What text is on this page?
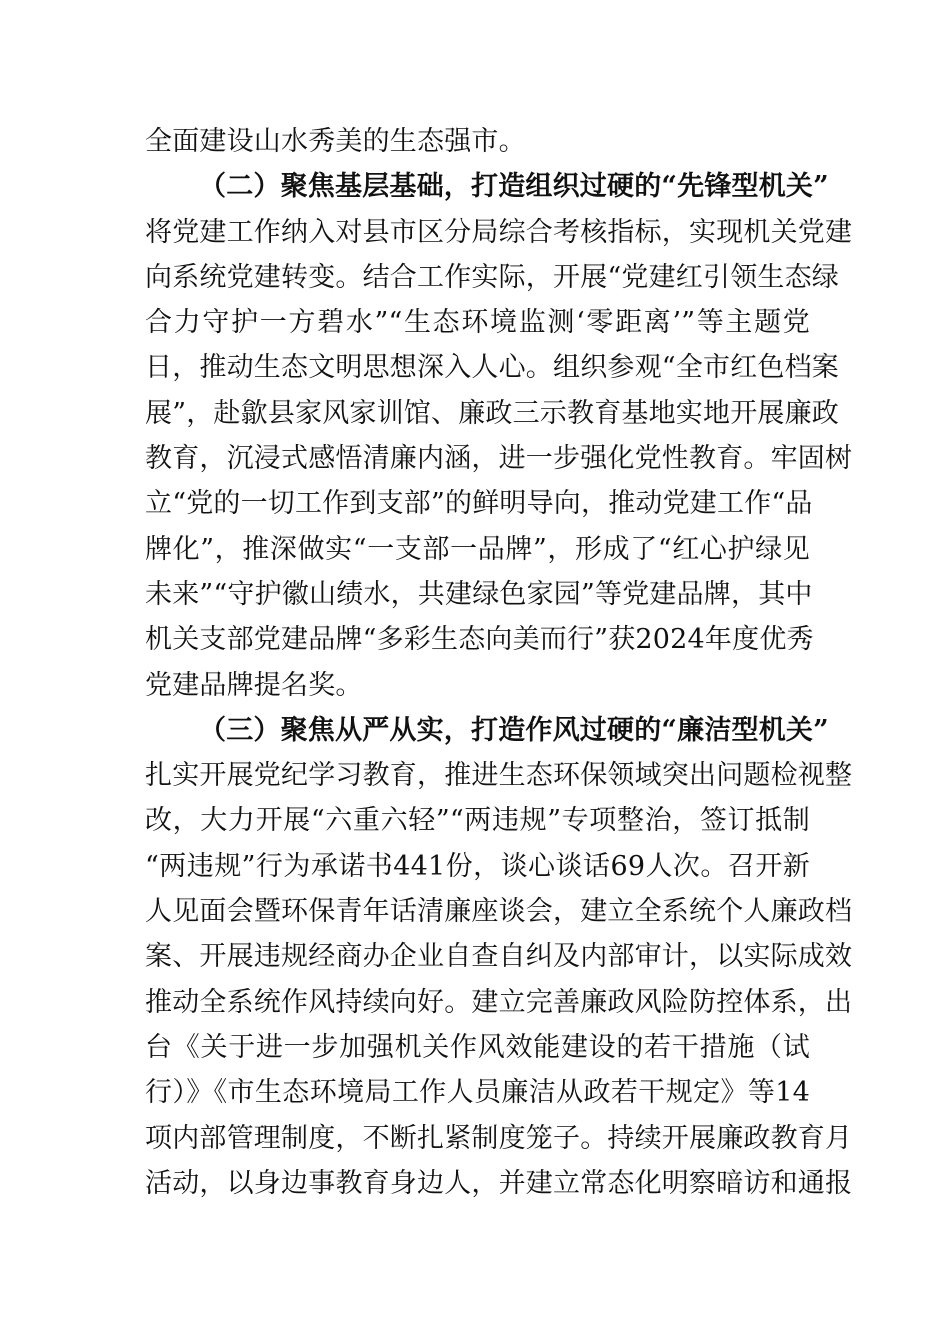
全面建设山水秀美的生态强市。
（二）聚焦基层基础，打造组织过硬的“先锋型机关”
将党建工作纳入对县市区分局综合考核指标，实现机关党建
向系统党建转变。结合工作实际，开展“党建红引领生态绿
合力守护一方碧水”“生态环境监测‘零距离’”等主题党
日，推动生态文明思想深入人心。组织参观“全市红色档案
展”，赴歙县家风家训馆、廉政三示教育基地实地开展廉政
教育，沉浸式感悟清廉内涵，进一步强化党性教育。牢固树
立“党的一切工作到支部”的鲜明导向，推动党建工作“品
牌化”，推深做实“一支部一品牌”，形成了“红心护绿见
未来”“守护徽山绩水，共建绿色家园”等党建品牌，其中
机关支部党建品牌“多彩生态向美而行”获2024年度优秀
党建品牌提名奖。
（三）聚焦从严从实，打造作风过硬的“廉洁型机关”
扎实开展党纪学习教育，推进生态环保领域突出问题检视整
改，大力开展“六重六轻”“两违规”专项整治，签订抵制
“两违规”行为承诺书441份，谈心谈话69人次。召开新
人见面会暨环保青年话清廉座谈会，建立全系统个人廉政档
案、开展违规经商办企业自查自纠及内部审计，以实际成效
推动全系统作风持续向好。建立完善廉政风险防控体系，出
台《关于进一步加强机关作风效能建设的若干措施（试
行）》《市生态环境局工作人员廉洁从政若干规定》等14
项内部管理制度，不断扎紧制度笼子。持续开展廉政教育月
活动，以身边事教育身边人，并建立常态化明察暗访和通报
